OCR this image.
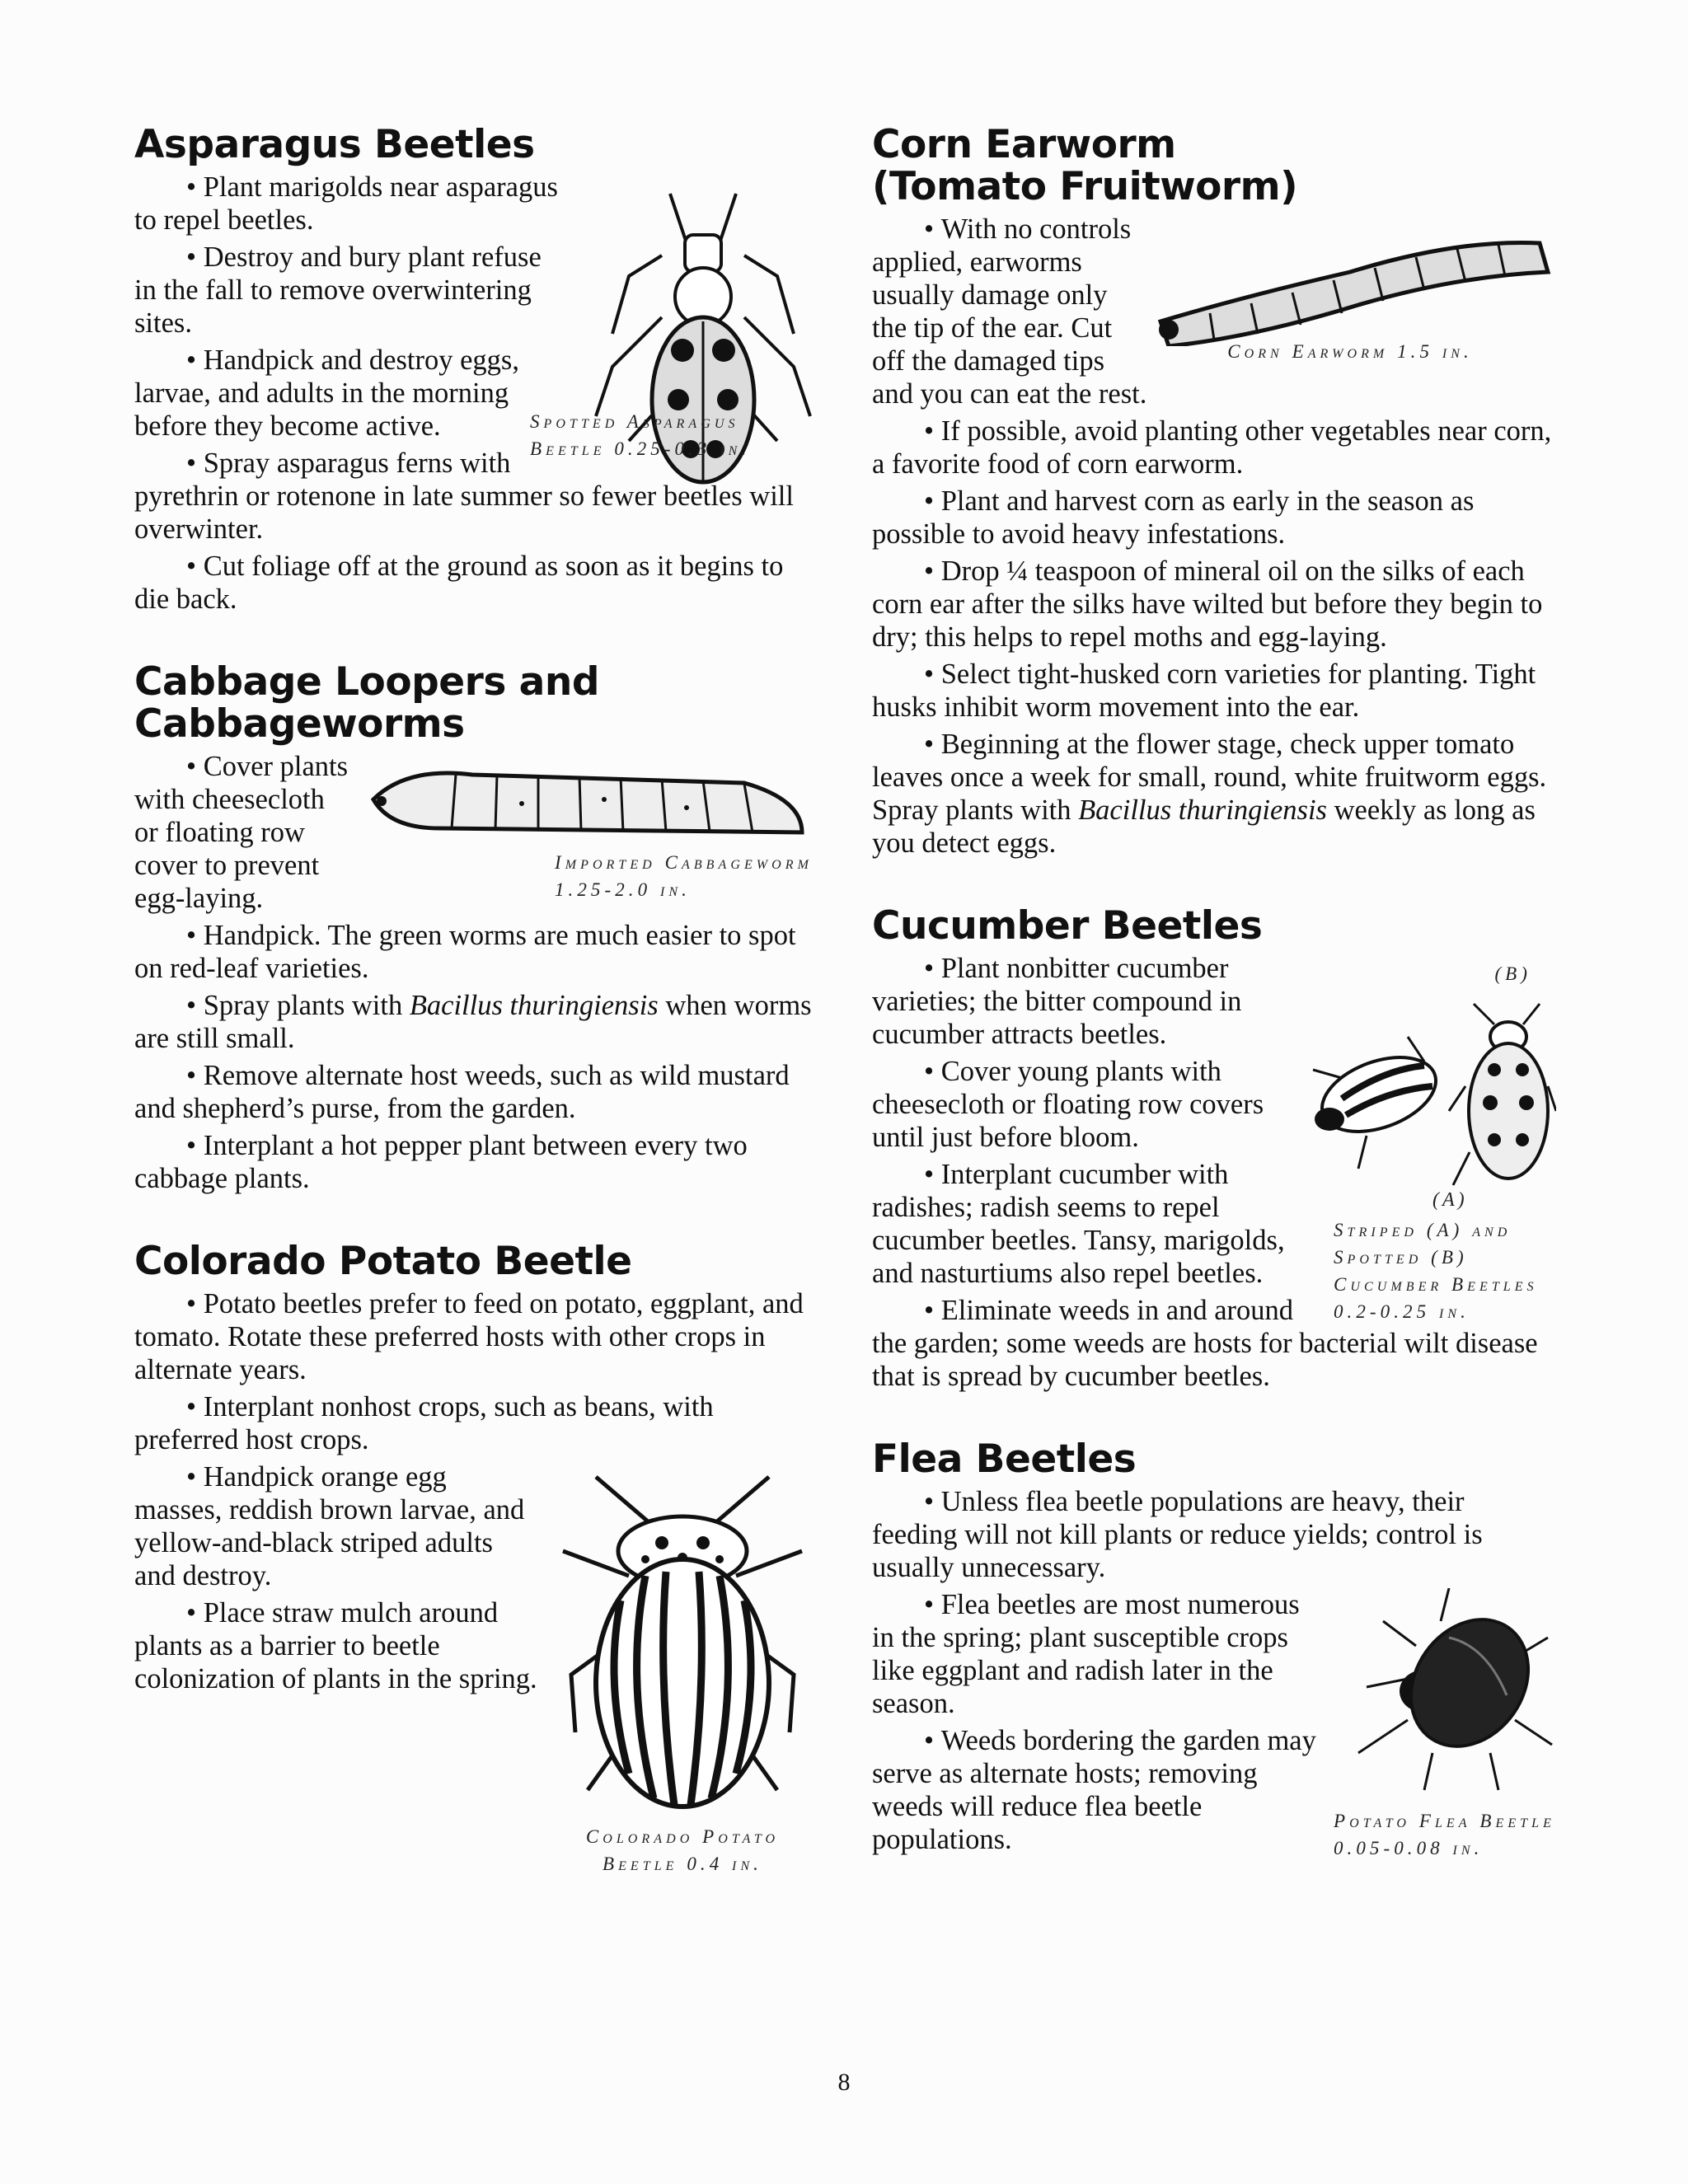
Asparagus Beetles
Spotted Asparagus Beetle 0.25-0.3 in.

• Plant marigolds near asparagus to repel beetles.

• Destroy and bury plant refuse in the fall to remove overwintering sites.

• Handpick and destroy eggs, larvae, and adults in the morning before they become active.

• Spray asparagus ferns with pyrethrin or rotenone in late summer so fewer beetles will overwinter.

• Cut foliage off at the ground as soon as it begins to die back.

Cabbage Loopers and
Cabbageworms
Imported Cabbageworm 1.25-2.0 in.

• Cover plants with cheesecloth or floating row cover to prevent egg-laying.

• Handpick. The green worms are much easier to spot on red-leaf varieties.

• Spray plants with Bacillus thuringiensis when worms are still small.

• Remove alternate host weeds, such as wild mustard and shepherd’s purse, from the garden.

• Interplant a hot pepper plant between every two cabbage plants.

Colorado Potato Beetle

• Potato beetles prefer to feed on potato, eggplant, and tomato. Rotate these preferred hosts with other crops in alternate years.

• Interplant nonhost crops, such as beans, with preferred host crops.

Colorado Potato Beetle 0.4 in.

• Handpick orange egg masses, reddish brown larvae, and yellow-and-black striped adults and destroy.

• Place straw mulch around plants as a barrier to beetle colonization of plants in the spring.

Corn Earworm
(Tomato Fruitworm)
Corn Earworm 1.5 in.

• With no controls applied, earworms usually damage only the tip of the ear. Cut off the damaged tips and you can eat the rest.

• If possible, avoid planting other vegetables near corn, a favorite food of corn earworm.

• Plant and harvest corn as early in the season as possible to avoid heavy infestations.

• Drop ¼ teaspoon of mineral oil on the silks of each corn ear after the silks have wilted but before they begin to dry; this helps to repel moths and egg-laying.

• Select tight-husked corn varieties for planting. Tight husks inhibit worm movement into the ear.

• Beginning at the flower stage, check upper tomato leaves once a week for small, round, white fruitworm eggs. Spray plants with Bacillus thuringiensis weekly as long as you detect eggs.

Cucumber Beetles
(B)
(A)
Striped (A) and Spotted (B) Cucumber Beetles 0.2-0.25 in.

• Plant nonbitter cucumber varieties; the bitter compound in cucumber attracts beetles.

• Cover young plants with cheesecloth or floating row covers until just before bloom.

• Interplant cucumber with radishes; radish seems to repel cucumber beetles. Tansy, marigolds, and nasturtiums also repel beetles.

• Eliminate weeds in and around the garden; some weeds are hosts for bacterial wilt disease that is spread by cucumber beetles.

Flea Beetles

• Unless flea beetle populations are heavy, their feeding will not kill plants or reduce yields; control is usually unnecessary.

Potato Flea Beetle 0.05-0.08 in.

• Flea beetles are most numerous in the spring; plant susceptible crops like eggplant and radish later in the season.

• Weeds bordering the garden may serve as alternate hosts; removing weeds will reduce flea beetle populations.

8
